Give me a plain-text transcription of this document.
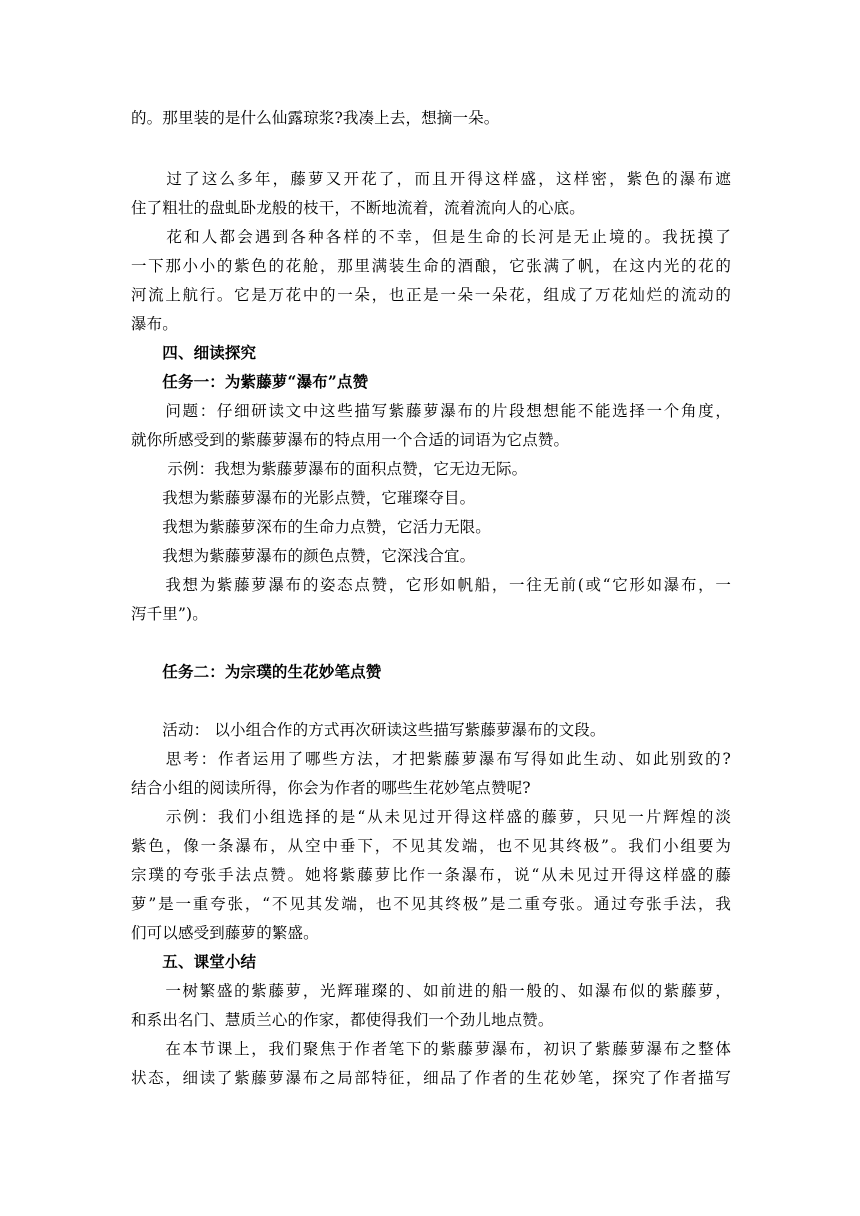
的。那里装的是什么仙露琼浆?我凑上去，想摘一朵。

　　过了这么多年，藤萝又开花了，而且开得这样盛，这样密，紫色的瀑布遮

住了粗壮的盘虬卧龙般的枝干，不断地流着，流着流向人的心底。

　　花和人都会遇到各种各样的不幸，但是生命的长河是无止境的。我抚摸了

一下那小小的紫色的花舱，那里满装生命的酒酿，它张满了帆，在这内光的花的

河流上航行。它是万花中的一朵，也正是一朵一朵花，组成了万花灿烂的流动的

瀑布。

　　四、细读探究

　　任务一：为紫藤萝“瀑布”点赞

　　问题：仔细研读文中这些描写紫藤萝瀑布的片段想想能不能选择一个角度，

就你所感受到的紫藤萝瀑布的特点用一个合适的词语为它点赞。

　　 示例：我想为紫藤萝瀑布的面积点赞，它无边无际。

　　我想为紫藤萝瀑布的光影点赞，它璀璨夺目。

　　我想为紫藤萝深布的生命力点赞，它活力无限。

　　我想为紫藤萝瀑布的颜色点赞，它深浅合宜。

　　我想为紫藤萝瀑布的姿态点赞，它形如帆船，一往无前(或“它形如瀑布，一

泻千里”)。

　　任务二：为宗璞的生花妙笔点赞

　　活动： 以小组合作的方式再次研读这些描写紫藤萝瀑布的文段。

　　思考：作者运用了哪些方法，才把紫藤萝瀑布写得如此生动、如此别致的?

结合小组的阅读所得，你会为作者的哪些生花妙笔点赞呢?

　　示例：我们小组选择的是“从未见过开得这样盛的藤萝，只见一片辉煌的淡

紫色，像一条瀑布，从空中垂下，不见其发端，也不见其终极”。我们小组要为

宗璞的夸张手法点赞。她将紫藤萝比作一条瀑布，说“从未见过开得这样盛的藤

萝”是一重夸张，“不见其发端，也不见其终极”是二重夸张。通过夸张手法，我

们可以感受到藤萝的繁盛。

　　五、课堂小结

　　一树繁盛的紫藤萝，光辉璀璨的、如前进的船一般的、如瀑布似的紫藤萝，

和系出名门、慧质兰心的作家，都使得我们一个劲儿地点赞。

　　在本节课上，我们聚焦于作者笔下的紫藤萝瀑布，初识了紫藤萝瀑布之整体

状态，细读了紫藤萝瀑布之局部特征，细品了作者的生花妙笔，探究了作者描写
